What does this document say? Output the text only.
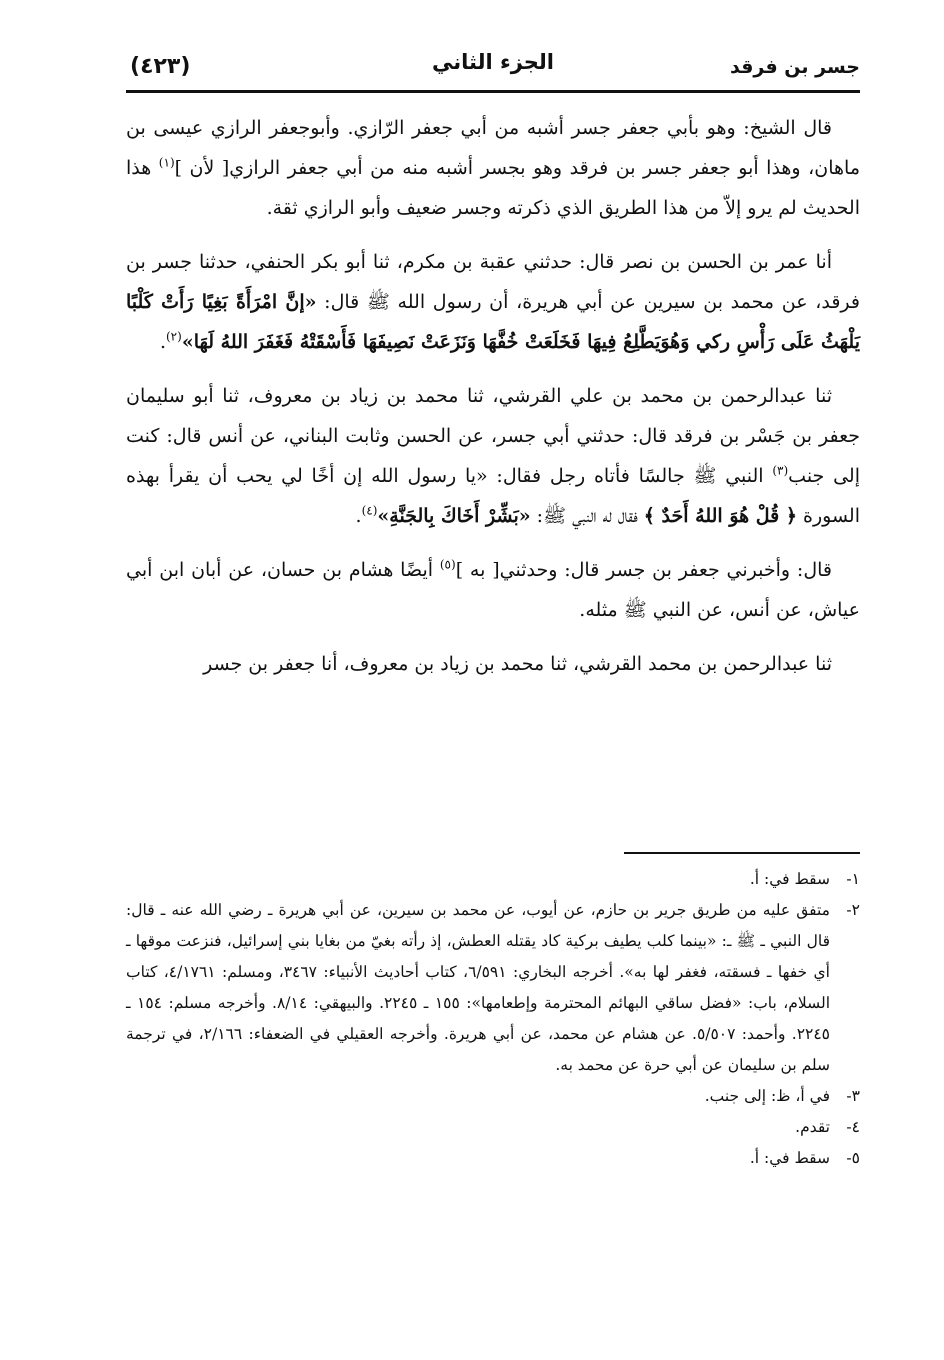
جسر بن فرقد
الجزء الثاني
(٤٢٣)

قال الشيخ: وهو بأبي جعفر جسر أشبه من أبي جعفر الرّازي. وأبوجعفر الرازي عيسى بن ماهان، وهذا أبو جعفر جسر بن فرقد وهو بجسر أشبه منه من أبي جعفر الرازي[ لأن ]$^{(١)}$ هذا الحديث لم يرو إلاّ من هذا الطريق الذي ذكرته وجسر ضعيف وأبو الرازي ثقة.

أنا عمر بن الحسن بن نصر قال: حدثني عقبة بن مكرم، ثنا أبو بكر الحنفي، حدثنا جسر بن فرقد، عن محمد بن سيرين عن أبي هريرة، أن رسول الله ﷺ قال: «إنَّ امْرَأَةً بَغِيًا رَأَتْ كَلْبًا يَلْهَثُ عَلَى رَأْسِ ركي وَهُوَيَطَّلِعُ فِيهَا فَخَلَعَتْ خُفَّهَا وَنَزَعَتْ نَصِيفَهَا فَأَسْقَتْهُ فَغَفَرَ اللهُ لَهَا»$^{(٢)}$.

ثنا عبدالرحمن بن محمد بن علي القرشي، ثنا محمد بن زياد بن معروف، ثنا أبو سليمان جعفر بن جَسْر بن فرقد قال: حدثني أبي جسر، عن الحسن وثابت البناني، عن أنس قال: كنت إلى جنب$^{(٣)}$ النبي ﷺ جالسًا فأتاه رجل فقال: «يا رسول الله إن أخًا لي يحب أن يقرأ بهذه السورة ﴿ قُلْ هُوَ اللهُ أَحَدٌ ﴾ فقال له النبي ﷺ: «بَشِّرْ أَخَاكَ بِالجَنَّةِ»$^{(٤)}$.

قال: وأخبرني جعفر بن جسر قال: وحدثني[ به ]$^{(٥)}$ أيضًا هشام بن حسان، عن أبان ابن أبي عياش، عن أنس، عن النبي ﷺ مثله.

ثنا عبدالرحمن بن محمد القرشي، ثنا محمد بن زياد بن معروف، أنا جعفر بن جسر

١-
سقط في: أ.

٢-
متفق عليه من طريق جرير بن حازم، عن أيوب، عن محمد بن سيرين، عن أبي هريرة ـ رضي الله عنه ـ قال: قال النبي ـ ﷺ ـ: «بينما كلب يطيف بركية كاد يقتله العطش، إذ رأته بغيّ من بغايا بني إسرائيل، فنزعت موقها ـ أي خفها ـ فسقته، فغفر لها به». أخرجه البخاري: ٦/٥٩١، كتاب أحاديث الأنبياء: ٣٤٦٧، ومسلم: ٤/١٧٦١، كتاب السلام، باب: «فضل ساقي البهائم المحترمة وإطعامها»: ١٥٥ ـ ٢٢٤٥. والبيهقي: ٨/١٤. وأخرجه مسلم: ١٥٤ ـ ٢٢٤٥. وأحمد: ٥/٥٠٧. عن هشام عن محمد، عن أبي هريرة. وأخرجه العقيلي في الضعفاء: ٢/١٦٦، في ترجمة سلم بن سليمان عن أبي حرة عن محمد به.

٣-
في أ، ظ: إلى جنب.

٤-
تقدم.

٥-
سقط في: أ.
